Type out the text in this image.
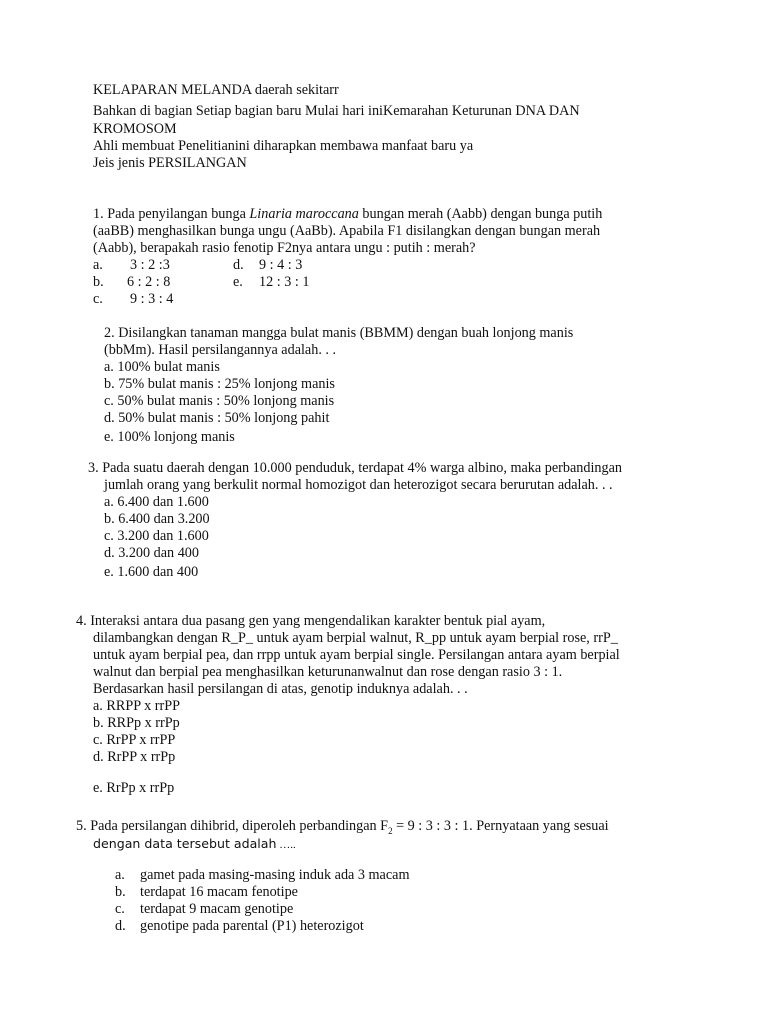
KELAPARAN MELANDA daerah sekitarr
Bahkan di bagian Setiap bagian baru Mulai hari iniKemarahan Keturunan DNA DAN
KROMOSOM
Ahli membuat Penelitianini diharapkan membawa manfaat baru ya
Jeis jenis PERSILANGAN
1. Pada penyilangan bunga Linaria maroccana bungan merah (Aabb) dengan bunga putih
(aaBB) menghasilkan bunga ungu (AaBb). Apabila F1 disilangkan dengan bungan merah
(Aabb), berapakah rasio fenotip F2nya antara ungu : putih : merah?
a. 3 : 2 :3
b. 6 : 2 : 8
c. 9 : 3 : 4
d. 9 : 4 : 3
e. 12 : 3 : 1
2. Disilangkan tanaman mangga bulat manis (BBMM) dengan buah lonjong manis
(bbMm). Hasil persilangannya adalah. . .
a. 100% bulat manis
b. 75% bulat manis : 25% lonjong manis
c. 50% bulat manis : 50% lonjong manis
d. 50% bulat manis : 50% lonjong pahit
e. 100% lonjong manis
3. Pada suatu daerah dengan 10.000 penduduk, terdapat 4% warga albino, maka perbandingan
jumlah orang yang berkulit normal homozigot dan heterozigot secara berurutan adalah. . .
a. 6.400 dan 1.600
b. 6.400 dan 3.200
c. 3.200 dan 1.600
d. 3.200 dan 400
e. 1.600 dan 400
4. Interaksi antara dua pasang gen yang mengendalikan karakter bentuk pial ayam,
dilambangkan dengan R_P_ untuk ayam berpial walnut, R_pp untuk ayam berpial rose, rrP_
untuk ayam berpial pea, dan rrpp untuk ayam berpial single. Persilangan antara ayam berpial
walnut dan berpial pea menghasilkan keturunanwalnut dan rose dengan rasio 3 : 1.
Berdasarkan hasil persilangan di atas, genotip induknya adalah. . .
a. RRPP x rrPP
b. RRPp x rrPp
c. RrPP x rrPP
d. RrPP x rrPp
e. RrPp x rrPp
5. Pada persilangan dihibrid, diperoleh perbandingan $F_2 = 9$ : 3 : 3 : 1. Pernyataan yang sesuai
dengan data tersebut adalah …..
a. gamet pada masing-masing induk ada 3 macam
b. terdapat 16 macam fenotipe
c. terdapat 9 macam genotipe
d. genotipe pada parental (P1) heterozigot
